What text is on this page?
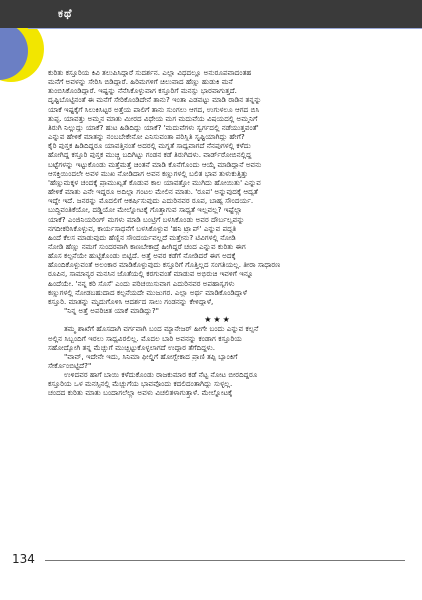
ಕಥೆ
ಕುರಿತು ಕಸ್ತೂರಿಯ ಕಿವಿ ತಲುಪಿಸಿದ್ದಾರೆ ಸುದರ್ಶನ. ಎಲ್ಲಾ ವಿಧದಲ್ಲೂ ಅನುರೂಪವಾದಂತಹ
ಮನೆಗೆ ಅವಳನ್ನು ಸೇರಿಸಿ ಬಿಡಿದ್ದಾರೆ. ಹಿರಿಮಗಳಿಗೆ ಚಿಲುವಾದ ಹೆಣ್ಣು ಹುಡುಕಿ ಮನೆ
ತುಂಬಿಸಿಕೊಂಡಿದ್ದಾರೆ. ಇಷ್ಟನ್ನು ನೆನೆಸಿಕೊಳ್ಳುವಾಗ ಕಸ್ತೂರಿಗೆ ಮನಸ್ಸು ಭಾರವಾಗುತ್ತದೆ.
ದೃಷ್ಟಿಬೊಟ್ಟಿನಂತೆ ಈ ಮನೆಗೆ ಸೇರಿಕೊಂಡಿದೇನೆ ತಾನು? ಇಂತಾ ಎಡವಟ್ಟು ಮಾಡಿ ರಾಡಿನ ತನ್ನನ್ನು
ಯಾಕೆ ಇಷ್ಟಕ್ಕೆಗೆ ಸಿಲುಕಿಸಿಟ್ಟರ ಅತ್ತೆಯ ಪಾಲಿಗೆ ತಾನು ಸುಂಗಲು ಆಗದ, ಉಗುಳಲೂ ಆಗದ ಬಿಸಿ
ತುಪ್ಪ. ಯಾವತ್ತು ಅಮ್ಮನ ಮಾತು ಮೀರದ ವಿಧೇಯ ಮಗ ಮದುವೆಯ ವಿಷಯದಲ್ಲಿ ಅಮ್ಮನಿಗೆ
ತಿರುಗಿ ನಿಲ್ಲುದ್ದು ಯಾಕೆ? ಹುಟ ಹಿಡಿದಿದ್ದು ಯಾಕೆ? 'ಮದುವೆಗಳು ಸ್ವರ್ಗದಲ್ಲಿ ನಡೆಯುತ್ತವಂತೆ'
ಎನ್ನುವ ಹೇಳಿಕೆ ಮಾತನ್ನು ನಂಬಬೇಕೇನೋ ಎನಿಸುವಂತಾ ಪರಿಸ್ಥಿತಿ ಸೃಷ್ಟಿಯಾಗಿದ್ದು ಹೇಗೆ?
ಕೈರಿ ಪುಸ್ತಕ ಹಿಡಿದಿದ್ದರೂ ಯಾವತ್ತಿನಂತೆ ಅದರಲ್ಲಿ ಮಗ್ನತೆ ಸಾಧ್ಯವಾಗದೆ ನೆನಪುಗಳಲ್ಲಿ ಕಳೆದು
ಹೋಗಿದ್ದ ಕಸ್ತೂರಿ ಪುಸ್ತಕ ಮುಚ್ಚಿ ಬದಿಗಿಟ್ಟು ಗಂಡನ ಕಡೆ ತಿರುಗಿದಳು. ವಾರ್ಡ್‌ರೋಬಿನಲ್ಲಿದ್ದ
ಬಟ್ಟೆಗಳನ್ನು ಇಟ್ಟುಕೊಂಡು ಮತ್ತೆಮತ್ತೆ ಚಿಂತನೆ ಮಾಡಿ ಕೊನೆಗೊಂದು ಆಯ್ಕೆ ಮಾಡಿದ್ದಾನೆ ಅವನು
ಆಸಕ್ತಿಯಿಂದಲೇ ಅವಳ ಮುಖ ನೋಡಿದಾಗ ಅವನ ಕಣ್ಣುಗಳಲ್ಲಿ ಬಲಿತ ಭಾವ ತುಳುಕುತ್ತಿತ್ತು
'ಹೆಣ್ಣುಮಕ್ಕಳ ಚಂದಕ್ಕೆ ಪ್ರಾಮುಖ್ಯತೆ ಕೊಡುವ ಕಾಲ ಯಾವತ್ತೋ ಮುಗಿದು ಹೋಯಿತು' ಎನ್ನುವ
ಹೇಳಿಕೆ ಮಾತು ಎನೇ ಇದ್ದರೂ ಅದಿಲ್ಲಾ ಗಂಟಲ ಮೇಲಿನ ಮಾತು. 'ರೂಪ' ಅನ್ನುವುದಕ್ಕೆ ಆದ್ಯತೆ
ಇದ್ದೇ ಇದೆ. ಜನರನ್ನು ಮೊದಲಿಗೆ ಆಕರ್ಷಿಸುವುದು ಎದುರಿನವರ ರೂಪ, ಬಾಹ್ಯ ಸೌಂದರ್ಯ.
ಬುದ್ಧಿವಂತಿಕೆಯೋ, ದಡ್ಡಿಯೋ ಮೇಲ್ನೋಟಕ್ಕೆ ಗೊತ್ತಾಗುವ ಸಾಧ್ಯತೆ ಇಲ್ಲವಲ್ಲ? ಇಷ್ಟೆಲ್ಲಾ
ಯಾಕೆ? ಎಂಜಿನಿಯರಿಂಗ್ ಮಗಳು ಮಾಡಿ ಬಂಟ್ರಿಗೆ ಬಳಸಿಕೊಂಡು ಅವರ ದೌರ್ಬಲ್ಯವನ್ನು
ನಗದೀಕರಿಸಿಕೊಳ್ಳುವ, ಕಾರ್ಯಸಾಧನೆಗೆ ಬಳಸಿಕೊಳ್ಳುವ 'ಹನಿ ಟ್ರ್ಯಾಪ್' ಎನ್ನುವ ಪದ್ಧತಿ
ಹಿಂದೆ ಕೆಲಸ ಮಾಡುವುದು ಹೆಣ್ಣಿನ ಸೌಂದರ್ಯವಲ್ಲದೆ ಮತ್ತೇನು? ಟಿವಿಗಳಲ್ಲಿ ನೋಡಿ
ನೋಡಿ ಹೆಣ್ಣು ನಮಗೆ ಸುಂದರವಾಗಿ ಕಾಣಬೇಕಾದ್ರೆ ಹೀಗಿದ್ದರೆ ಚಂದ ಎನ್ನುವ ಕುರಿತು ಈಗ
ಹೊಸ ಕಲ್ಪನೆಯೇ ಹುಟ್ಟಿಕೊಂಡು ಬಿಟ್ಟಿದೆ. ಅತ್ತೆ ಅವರ ಕಡೆಗೆ ನೋಡಿದರೆ ಈಗ ಅದಕ್ಕೆ
ಹೊಂದಿಕೊಳ್ಳುವಂತೆ ಅಲಂಕಾರ ಮಾಡಿಕೊಳ್ಳುವುದು ಕಸ್ತೂರಿಗೆ ಗೊತ್ತಿಲ್ಲದ ಸಂಗತಿಯಲ್ಲ. ತೀರಾ ಸಾಧಾರಣ
ರೂಪಿನ, ಸಾಮಾನ್ಯರ ಮನಸಿನ ಜೊತೆಯಲ್ಲಿ ಕರಗುವಂತೆ ಮಾಡುವ ಅಭಿರುಚಿ ಇವಳಿಗೆ ಇನ್ನೂ
ಹಿಂದೆಯೇ. 'ನನ್ನ ಕರಿ ಸೊಸೆ' ಎಂದು ಪರಿಚಯಿಸುವಾಗ ಎದುರಿನವರ ಅಪಹಾಸ್ಯಗಳು
ಕಣ್ಣುಗಳಲ್ಲಿ ನೋಡಬಹುದಾದ ಕಲ್ಪನೆಯದೇ ಮುಜುಗರ. ಎಲ್ಲಾ ಅರ್ಥ ಮಾಡಿಕೊಂಡಿದ್ದಾಳೆ
ಕಸ್ತೂರಿ. ಮಾತನ್ನು ಮೃದುಗೊಳಿಸಿ ಆದರ್ಶದ ಸಾಲು ಗಂಡನನ್ನು ಕೇಳಿದ್ದಾಳೆ,
"ನಿನ್ನ ಅತ್ತೆ ಅಪರಿಚಿತ ಯಾಕೆ ಮಾಡಿದ್ದು?"
★★★
ತಮ್ಮ ಶಾಖೆಗೆ ಹೊಸದಾಗಿ ವರ್ಗವಾಗಿ ಬಂದ ಮ್ಯಾನೇಜರ್ ಹೀಗೇ ಬಂದು ಎನ್ನುವ ಕಲ್ಪನೆ
ಅಲ್ಲಿನ ಸಿಬ್ಬಂದಿಗೆ ಇರಲು ಸಾಧ್ಯವಿರಲಿಲ್ಲ. ಮೊದಲ ಬಾರಿ ಅವನನ್ನು ಕಂಡಾಗ ಕಸ್ತೂರಿಯ
ಸಹೋದ್ಯೋಗಿ ತನ್ನ ಮೆಚ್ಚುಗೆ ಮುಚ್ಚಿಟ್ಟುಕೊಳ್ಳಲಾಗದೆ ಉದ್ಗಾರ ತೆಗೆದಿದ್ದಳು.
"ವಾವ್, ಇದೇನೇ ಇದು, ಸಿನಿಮಾ ಫೀಲ್ಡಿಗೆ ಹೋಗ್ಬೇಕಾದ ಪ್ರಾಣಿ ತಪ್ಪಿ ಬ್ಯಾಂಕಿಗೆ
ಸೇರ್ಕೊಂಬಿಟ್ಟಿದೆ?"
ಉಳಿದವರ ಹಾಗೆ ಬಾಯಿ ಕಳೆದುಕೊಂಡು ರಾಜಕುಮಾರ ಕಡೆ ನೆಟ್ಟ ನೋಟ ಬೀರದಿದ್ದರೂ
ಕಸ್ತೂರಿಯ ಒಳ ಮನಸ್ಸಿನಲ್ಲಿ ಮೆಚ್ಚುಗೆಯ ಭಾವವೊಂದು ಕದಲಿದಂತಾಗಿದ್ದು ಸುಳ್ಳಲ್ಲ.
ಚಂದದ ಕುರಿತು ಮಾತು ಬಂದಾಗಲೆಲ್ಲಾ ಅವಳು ವಿಚಲಿತಳಾಗುತ್ತಾಳೆ. ಮೇಲ್ನೋಟಕ್ಕೆ
134
